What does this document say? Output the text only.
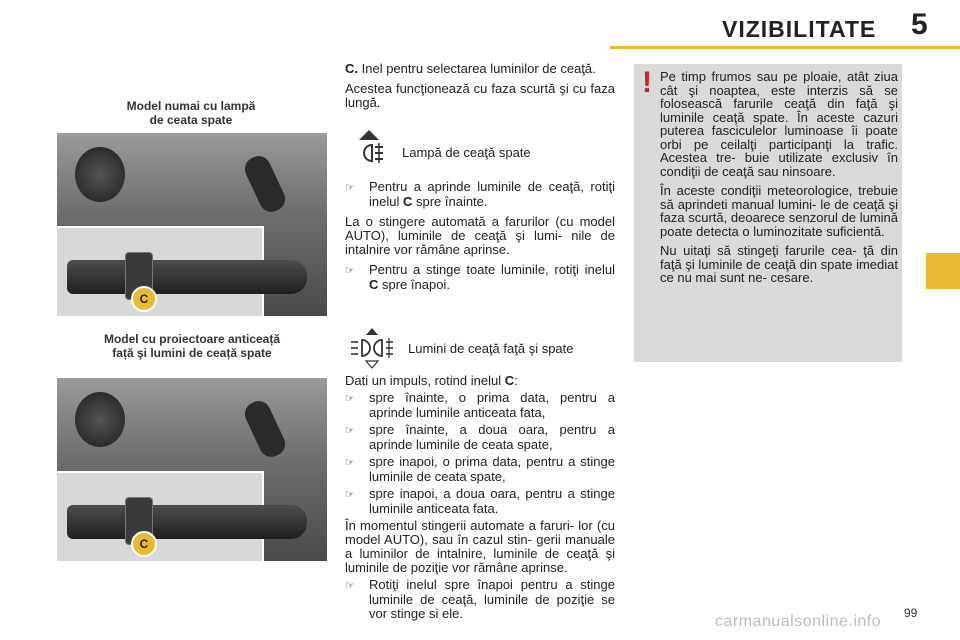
VIZIBILITATE 5
Model numai cu lampă
de ceata spate
C
Model cu proiectoare anticeață
față şi lumini de ceață spate
C

C. Inel pentru selectarea luminilor de ceaţă.

Acestea funcţionează cu faza scurtă şi cu faza lungă.

Lampă de ceaţă spate
☞ Pentru a aprinde luminile de ceaţă, rotiţi inelul C spre înainte.

La o stingere automată a farurilor (cu model AUTO), luminile de ceaţă şi lumi- nile de intalnire vor rămâne aprinse.

☞ Pentru a stinge toate luminile, rotiţi inelul C spre înapoi.
Lumini de ceaţă faţă şi spate

Dati un impuls, rotind inelul C:

☞ spre înainte, o prima data, pentru a aprinde luminile anticeata fata,
☞ spre înainte, a doua oara, pentru a aprinde luminile de ceata spate,
☞ spre inapoi, o prima data, pentru a stinge luminile de ceata spate,
☞ spre inapoi, a doua oara, pentru a stinge luminile anticeata fata.

În momentul stingerii automate a faruri- lor (cu model AUTO), sau în cazul stin- gerii manuale a luminilor de intalnire, luminile de ceaţă şi luminile de poziţie vor rămâne aprinse.

☞ Rotiţi inelul spre înapoi pentru a stinge luminile de ceaţă, luminile de poziţie se vor stinge si ele.
! Pe timp frumos sau pe ploaie, atât ziua cât şi noaptea, este interzis să se folosească farurile ceaţă din faţă şi luminile ceaţă spate. În aceste cazuri puterea fasciculelor luminoase îi poate orbi pe ceilalţi participanţi la trafic. Acestea tre- buie utilizate exclusiv în condiţii de ceaţă sau ninsoare.

În aceste condiţii meteorologice, trebuie să aprindeti manual lumini- le de ceaţă şi faza scurtă, deoarece senzorul de lumină poate detecta o luminozitate suficientă.

Nu uitaţi să stingeţi farurile cea- ţă din faţă şi luminile de ceaţă din spate imediat ce nu mai sunt ne- cesare.

99
carmanualsonline.info
